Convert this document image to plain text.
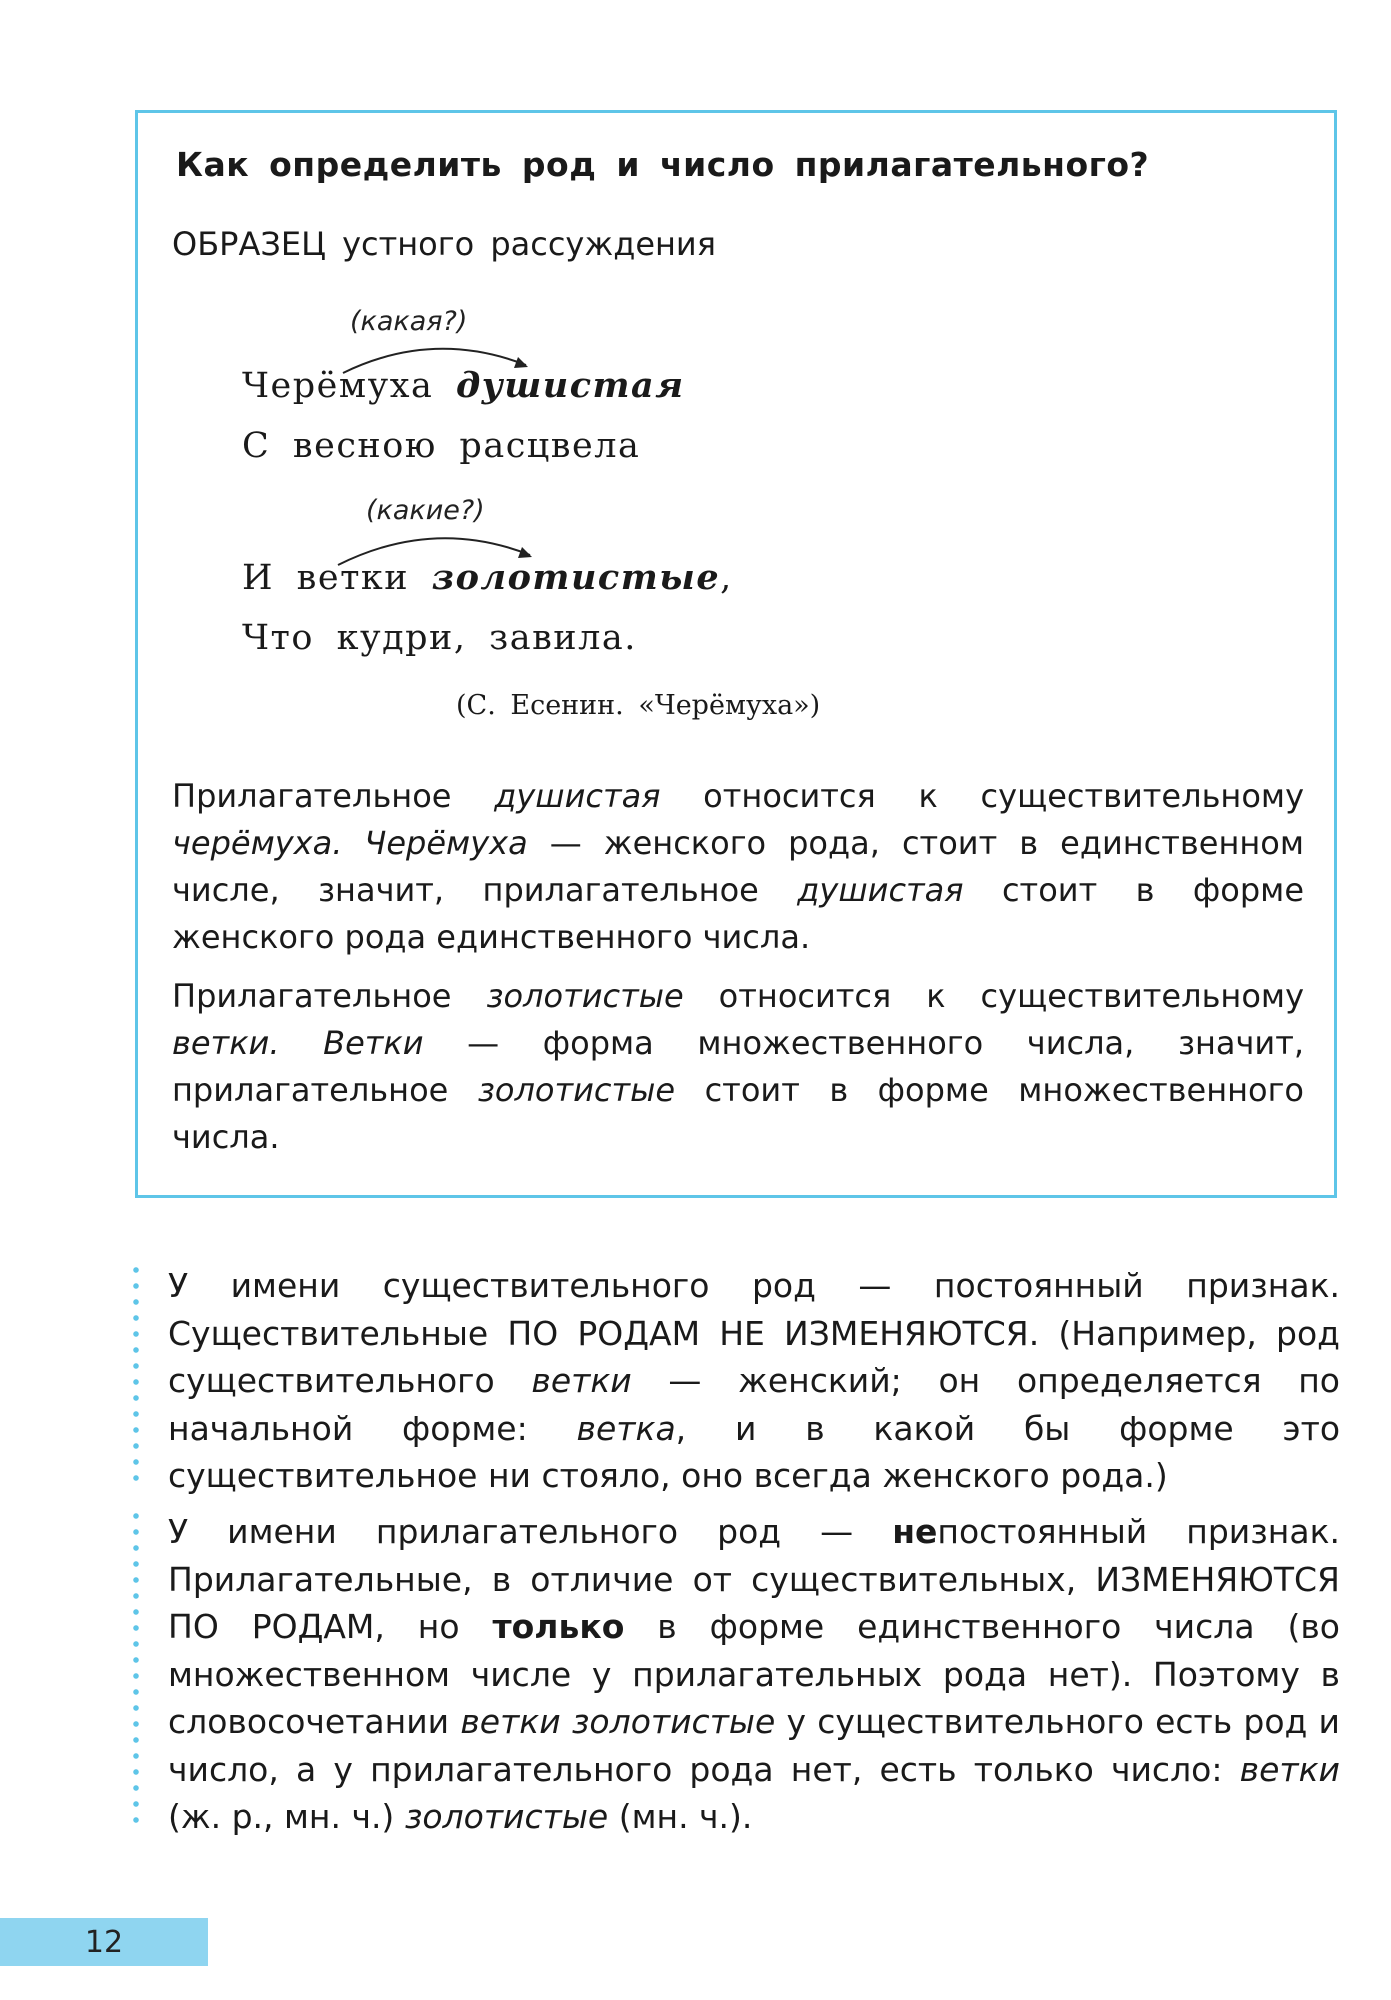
Как определить род и число прилагательного?
ОБРАЗЕЦ устного рассуждения
(какая?)
Черёмуха душистая
С весною расцвела
(какие?)
И ветки золотистые,
Что кудри, завила.
(С. Есенин. «Черёмуха»)
Прилагательное душистая относится к существительному черёмуха. Черёмуха — женского рода, стоит в единственном числе, значит, прилагательное душистая стоит в форме женского рода единственного числа.
Прилагательное золотистые относится к существительному ветки. Ветки — форма множественного числа, значит, прилагательное золотистые стоит в форме множественного числа.
У имени существительного род — постоянный признак. Существительные ПО РОДАМ НЕ ИЗМЕНЯЮТСЯ. (Например, род существительного ветки — женский; он определяется по начальной форме: ветка, и в какой бы форме это существительное ни стояло, оно всегда женского рода.)
У имени прилагательного род — непостоянный признак. Прилагательные, в отличие от существительных, ИЗМЕНЯЮТСЯ ПО РОДАМ, но только в форме единственного числа (во множественном числе у прилагательных рода нет). Поэтому в словосочетании ветки золотистые у существительного есть род и число, а у прилагательного рода нет, есть только число: ветки (ж. р., мн. ч.) золотистые (мн. ч.).
12
